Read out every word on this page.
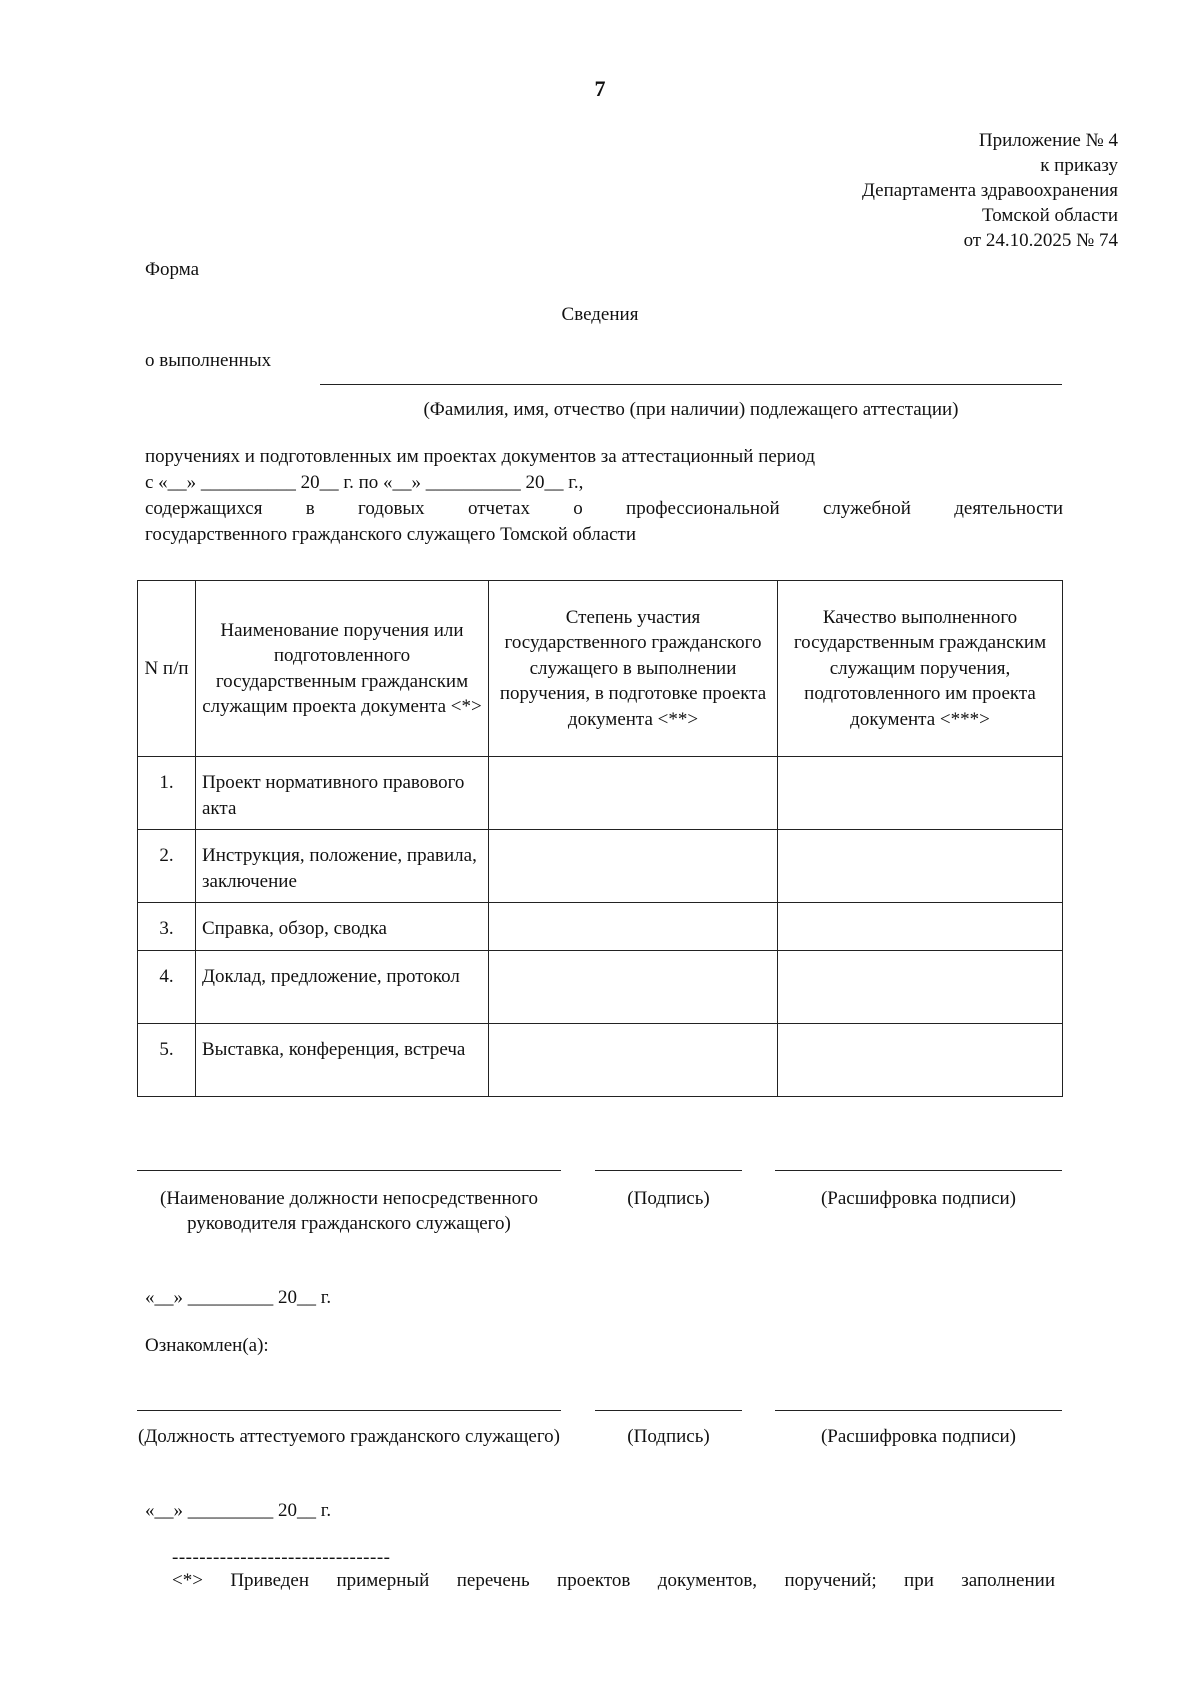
7
Приложение № 4
к приказу
Департамента здравоохранения
Томской области
от 24.10.2025 № 74
Форма
Сведения
о выполненных
(Фамилия, имя, отчество (при наличии) подлежащего аттестации)
поручениях и подготовленных им проектах документов за аттестационный период
с «__» __________ 20__ г. по «__» __________ 20__ г.,
содержащихся в годовых отчетах о профессиональной служебной деятельности
государственного гражданского служащего Томской области
N п/п	Наименование поручения или подготовленного государственным гражданским служащим проекта документа <*>	Степень участия государственного гражданского служащего в выполнении поручения, в подготовке проекта документа <**>	Качество выполненного государственным гражданским служащим поручения, подготовленного им проекта документа <***>
1.	Проект нормативного правового акта		
2.	Инструкция, положение, правила, заключение		
3.	Справка, обзор, сводка		
4.	Доклад, предложение, протокол		
5.	Выставка, конференция, встреча		
(Наименование должности непосредственного руководителя гражданского служащего)
(Подпись)	(Расшифровка подписи)
«__» _________ 20__ г.
Ознакомлен(а):
(Должность аттестуемого гражданского служащего)	(Подпись)	(Расшифровка подписи)
«__» _________ 20__ г.
--------------------------------
<*> Приведен примерный перечень проектов документов, поручений; при заполнении
